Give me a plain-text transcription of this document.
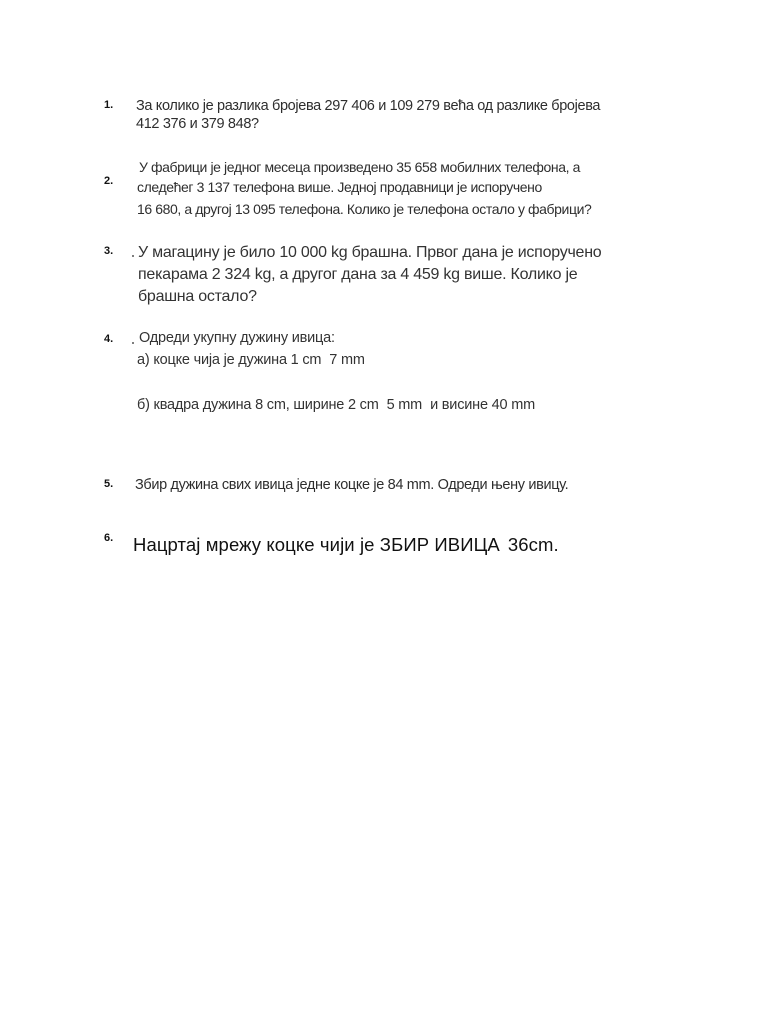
1. За колико је разлика бројева 297 406 и 109 279 већа од разлике бројева
412 376 и 379 848?
2.
У фабрици је једног месеца произведено 35 658 мобилних телефона, а
следећег 3 137 телефона више. Једној продавници је испоручено
16 680, а другој 13 095 телефона. Колико је телефона остало у фабрици?
3. У магацину је било 10 000 kg брашна. Првог дана је испоручено
пекарама 2 324 kg, а другог дана за 4 459 kg више. Колико је
брашна остало?
4. Одреди укупну дужину ивица:
а) коцке чија је дужина 1 cm 7 mm
б) квадра дужина 8 cm, ширине 2 cm 5 mm и висине 40 mm
5. Збир дужина свих ивица једне коцке је 84 mm. Одреди њену ивицу.
6. Нацртај мрежу коцке чији је ЗБИР ИВИЦА 36cm.
